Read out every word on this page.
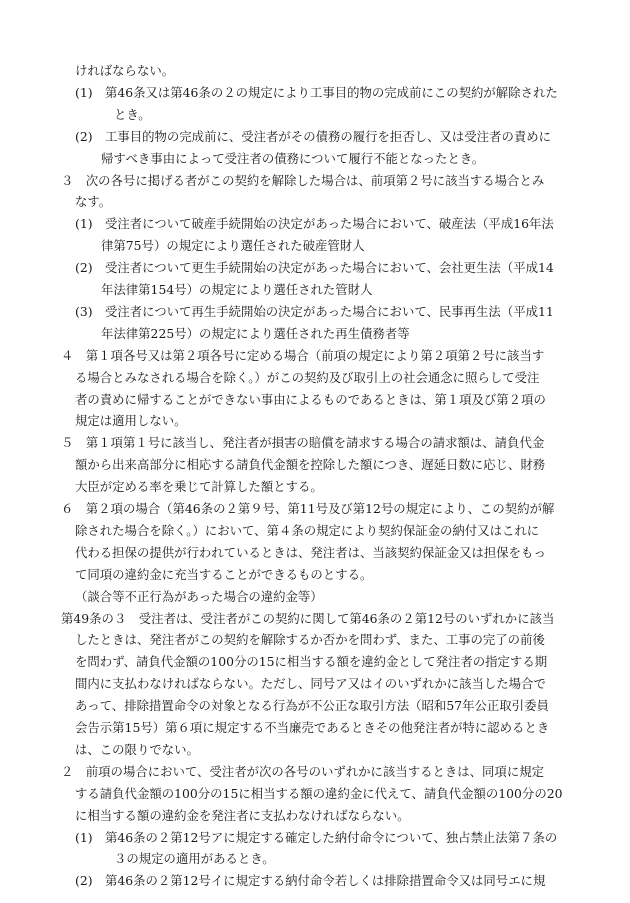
ければならない。
(1)　第46条又は第46条の２の規定により工事目的物の完成前にこの契約が解除された
とき。
(2)　工事目的物の完成前に、受注者がその債務の履行を拒否し、又は受注者の責めに
帰すべき事由によって受注者の債務について履行不能となったとき。
３　次の各号に掲げる者がこの契約を解除した場合は、前項第２号に該当する場合とみ
なす。
(1)　受注者について破産手続開始の決定があった場合において、破産法（平成16年法
律第75号）の規定により選任された破産管財人
(2)　受注者について更生手続開始の決定があった場合において、会社更生法（平成14
年法律第154号）の規定により選任された管財人
(3)　受注者について再生手続開始の決定があった場合において、民事再生法（平成11
年法律第225号）の規定により選任された再生債務者等
４　第１項各号又は第２項各号に定める場合（前項の規定により第２項第２号に該当す
る場合とみなされる場合を除く。）がこの契約及び取引上の社会通念に照らして受注
者の責めに帰することができない事由によるものであるときは、第１項及び第２項の
規定は適用しない。
５　第１項第１号に該当し、発注者が損害の賠償を請求する場合の請求額は、請負代金
額から出来高部分に相応する請負代金額を控除した額につき、遅延日数に応じ、財務
大臣が定める率を乗じて計算した額とする。
６　第２項の場合（第46条の２第９号、第11号及び第12号の規定により、この契約が解
除された場合を除く。）において、第４条の規定により契約保証金の納付又はこれに
代わる担保の提供が行われているときは、発注者は、当該契約保証金又は担保をもっ
て同項の違約金に充当することができるものとする。
（談合等不正行為があった場合の違約金等）
第49条の３　受注者は、受注者がこの契約に関して第46条の２第12号のいずれかに該当
したときは、発注者がこの契約を解除するか否かを問わず、また、工事の完了の前後
を問わず、請負代金額の100分の15に相当する額を違約金として発注者の指定する期
間内に支払わなければならない。ただし、同号ア又はイのいずれかに該当した場合で
あって、排除措置命令の対象となる行為が不公正な取引方法（昭和57年公正取引委員
会告示第15号）第６項に規定する不当廉売であるときその他発注者が特に認めるとき
は、この限りでない。
２　前項の場合において、受注者が次の各号のいずれかに該当するときは、同項に規定
する請負代金額の100分の15に相当する額の違約金に代えて、請負代金額の100分の20
に相当する額の違約金を発注者に支払わなければならない。
(1)　第46条の２第12号アに規定する確定した納付命令について、独占禁止法第７条の
３の規定の適用があるとき。
(2)　第46条の２第12号イに規定する納付命令若しくは排除措置命令又は同号エに規
